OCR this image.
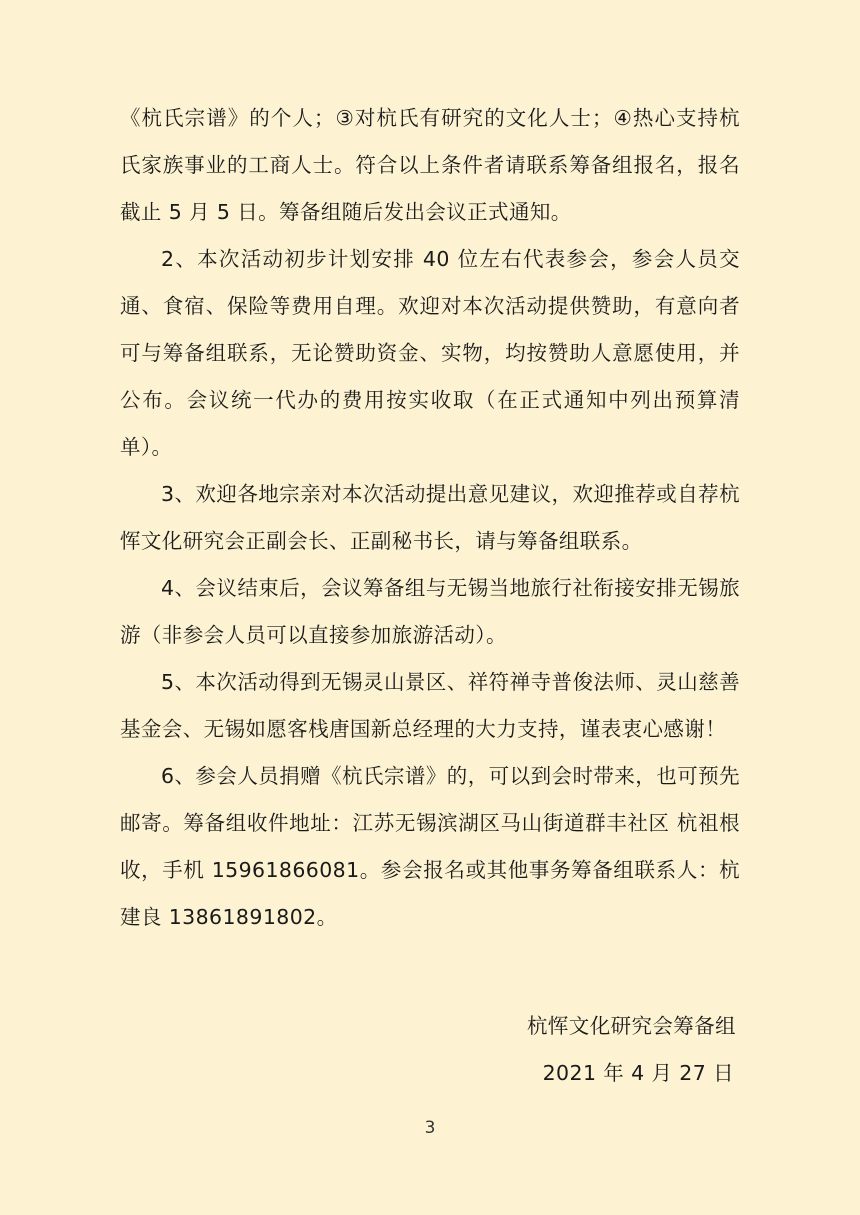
《杭氏宗谱》的个人；③对杭氏有研究的文化人士；④热心支持杭氏家族事业的工商人士。符合以上条件者请联系筹备组报名，报名截止 5 月 5 日。筹备组随后发出会议正式通知。

2、本次活动初步计划安排 40 位左右代表参会，参会人员交通、食宿、保险等费用自理。欢迎对本次活动提供赞助，有意向者可与筹备组联系，无论赞助资金、实物，均按赞助人意愿使用，并公布。会议统一代办的费用按实收取（在正式通知中列出预算清单）。

3、欢迎各地宗亲对本次活动提出意见建议，欢迎推荐或自荐杭恽文化研究会正副会长、正副秘书长，请与筹备组联系。

4、会议结束后，会议筹备组与无锡当地旅行社衔接安排无锡旅游（非参会人员可以直接参加旅游活动）。

5、本次活动得到无锡灵山景区、祥符禅寺普俊法师、灵山慈善基金会、无锡如愿客栈唐国新总经理的大力支持，谨表衷心感谢！

6、参会人员捐赠《杭氏宗谱》的，可以到会时带来，也可预先邮寄。筹备组收件地址：江苏无锡滨湖区马山街道群丰社区 杭祖根收，手机 15961866081。参会报名或其他事务筹备组联系人：杭建良 13861891802。

杭恽文化研究会筹备组
2021 年 4 月 27 日
3
